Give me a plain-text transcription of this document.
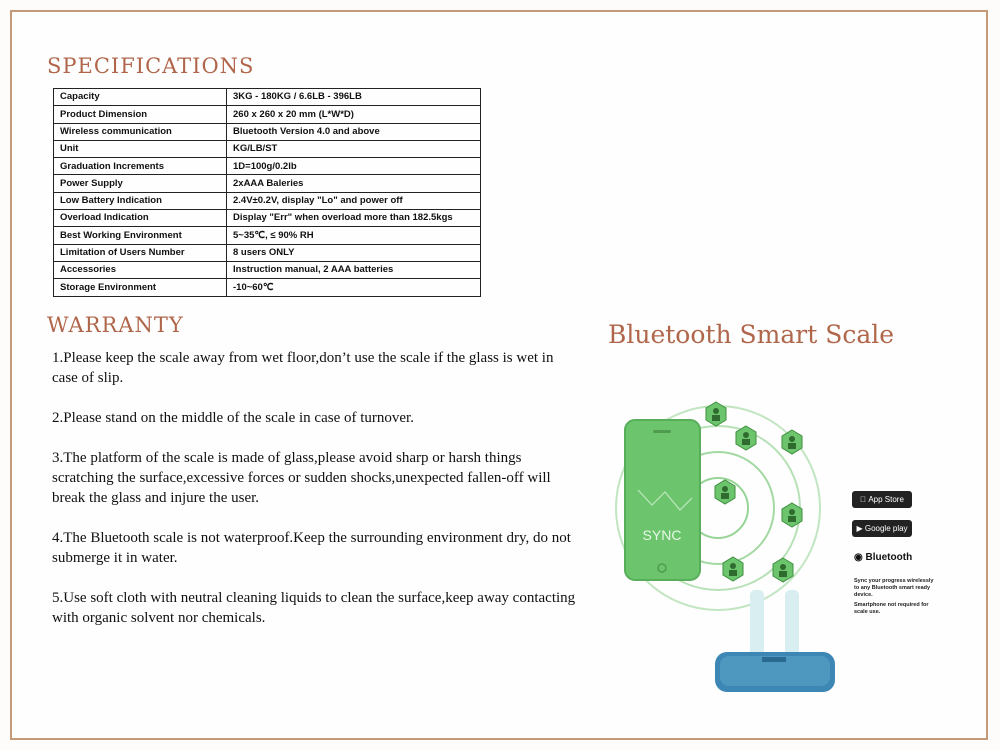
SPECIFICATIONS
Capacity	3KG - 180KG / 6.6LB - 396LB
Product Dimension	260 x 260 x 20 mm (L*W*D)
Wireless communication	Bluetooth Version 4.0 and above
Unit	KG/LB/ST
Graduation Increments	1D=100g/0.2lb
Power Supply	2xAAA Baleries
Low Battery Indication	2.4V±0.2V, display "Lo" and power off
Overload Indication	Display "Err" when overload more than 182.5kgs
Best Working Environment	5~35℃, ≤ 90% RH
Limitation of Users Number	8 users ONLY
Accessories	Instruction manual, 2 AAA batteries
Storage Environment	-10~60℃
WARRANTY

1.Please keep the scale away from wet floor,don’t use the scale if the glass is wet in case of slip.

2.Please stand on the middle of the scale in case of turnover.

3.The platform of the scale is made of glass,please avoid sharp or harsh things scratching the surface,excessive forces or sudden shocks,unexpected fallen-off will break the glass and injure the user.

4.The Bluetooth scale is not waterproof.Keep the surrounding environment dry, do not submerge it in water.

5.Use soft cloth with neutral cleaning liquids to clean the surface,keep away contacting with organic solvent nor chemicals.

Bluetooth Smart Scale
SYNC
App Store
▶ Google play
◉ Bluetooth

Sync your progress wirelessly to any Bluetooth smart ready device.

Smartphone not required for scale use.
